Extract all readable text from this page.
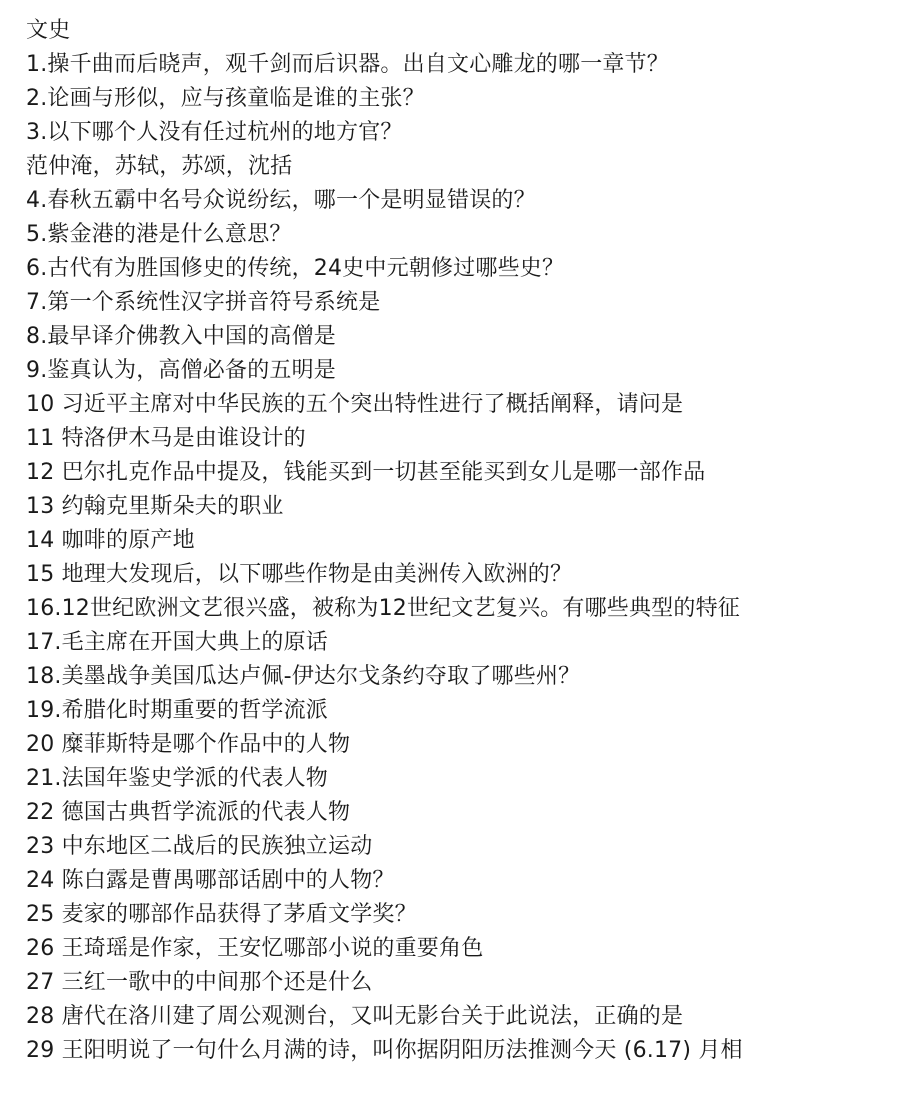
文史
1.操千曲而后晓声，观千剑而后识器。出自文心雕龙的哪一章节？
2.论画与形似，应与孩童临是谁的主张？
3.以下哪个人没有任过杭州的地方官？
范仲淹，苏轼，苏颂，沈括
4.春秋五霸中名号众说纷纭，哪一个是明显错误的？
5.紫金港的港是什么意思？
6.古代有为胜国修史的传统，24史中元朝修过哪些史？
7.第一个系统性汉字拼音符号系统是
8.最早译介佛教入中国的高僧是
9.鉴真认为，高僧必备的五明是
10 习近平主席对中华民族的五个突出特性进行了概括阐释，请问是
11 特洛伊木马是由谁设计的
12 巴尔扎克作品中提及，钱能买到一切甚至能买到女儿是哪一部作品
13 约翰克里斯朵夫的职业
14 咖啡的原产地
15 地理大发现后，以下哪些作物是由美洲传入欧洲的？
16.12世纪欧洲文艺很兴盛，被称为12世纪文艺复兴。有哪些典型的特征
17.毛主席在开国大典上的原话
18.美墨战争美国瓜达卢佩-伊达尔戈条约夺取了哪些州？
19.希腊化时期重要的哲学流派
20 糜菲斯特是哪个作品中的人物
21.法国年鉴史学派的代表人物
22 德国古典哲学流派的代表人物
23 中东地区二战后的民族独立运动
24 陈白露是曹禺哪部话剧中的人物？
25 麦家的哪部作品获得了茅盾文学奖？
26 王琦瑶是作家，王安忆哪部小说的重要角色
27 三红一歌中的中间那个还是什么
28 唐代在洛川建了周公观测台，又叫无影台关于此说法，正确的是
29 王阳明说了一句什么月满的诗，叫你据阴阳历法推测今天 (6.17) 月相
